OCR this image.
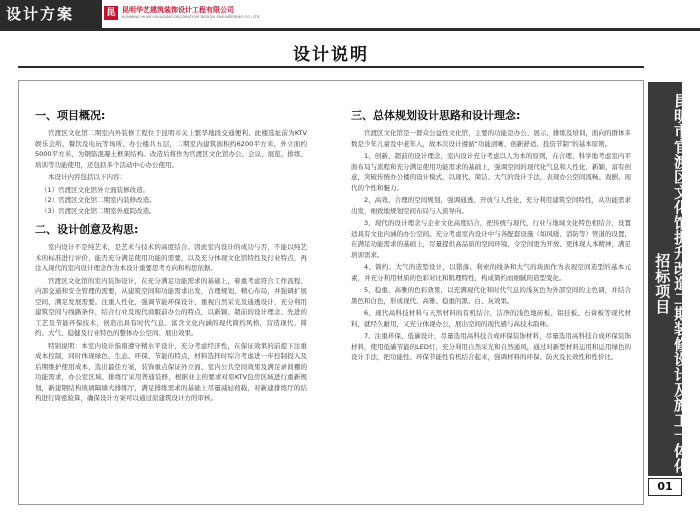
设计方案	昆 昆明华艺建筑装饰设计工程有限公司
KUNMING HUAYI BUILDING DECORATION DESIGN ENGINEERING CO.,LTD
设计说明
一、项目概况:

官渡区文化馆二期室内外装修工程位于昆明市关上繁华地段交通便利、此楼选址前为KTV娱乐会所、餐饮及电玩等场所、办公楼共五层，二期室内建筑面积约6200平方米，外立面约5000平方米，为钢筋混凝土框架结构。改造后将作为官渡区文化馆办公、会议、展览、排练、培训等功能使用，还包括多个活动中心办公使用。

本设计内容包括以下内容：

（1）官渡区文化馆外立面装修改造。
（2）官渡区文化馆二期室内装修改造。
（3）官渡区文化馆二期室外庭院改造。
二、设计创意及构思:

室内设计不是纯艺术，是艺术与技术的高度结合。因此室内设计的成功与否，不能以纯艺术的标准进行评价，能否充分满足使用功能的需要，以及充分体现文化馆特性及行业特点，再注入现代的室内设计理念作为本设计重要思考方向和构思依据。

官渡区文化馆的室内装饰设计，在充分满足功能需求的基础上，着重考虑符合工作流程、内部交通和安全管理的需要，从建筑空间和功能需求出发，合理规划、精心布局，并强调扩展空间、满足发展需要。注重人性化，强调节能环保设计，重视自然采光及通透设计，充分利用建筑空间与线路条件，结合行业及现代商服前办公的特点，以新颖、超前的设计理念、先进的工艺及节能环保技术，创造出具有时代气息、富含文化内涵的现代简约风格，营造现代、简约、大气、稳健及行业特色的整体办公空间、展出效果。

特别说明：本室内设计指南遵守精水平设计，充分考虑经济性，在保证效果的前提下注重成本控制，同时体现绿色、生态、环保、节能的特点，材料选择时综合考虑进一步控制投入及后期维护使用成本，选出最佳方案，装饰重点保证外立面、室内公共空间效果及满足录间棚的功能需求，办公室区域、排练厅采用普通装修，根据业主的要求对原KTV包房区域进行重新规划，新建钢结构玻璃隔墙大排练厅，满足排练需求的基础上尽量减轻荷载，对新建排练厅的结构进行周密验算，确保设计方案可以通过原建筑设计方的审核。

三、总体规划设计思路和设计理念:

官渡区文化馆是一群众公益性文化馆，主要的功能是办公、展示、排练及培训，面向的群体多数是少年儿童及中老年人，故本次设计遵循“功能清晰、创新舒适、投资节制”的基本原则。

1、创新、超前的设计理念，室内设计充分考虑以人为本的原则，在合理、科学地考虑室内平面布局与流程和充分满足使用功能需求的基础上，强调空间的现代化气息和人性化、新颖、富有创意，突破传统办公楼的设计模式，以现代、简洁、大气的设计手法，表现办公空间流畅、戏剧、现代的个性和魅力。

2、高效、合理的空间规划，强调通透、开放与人性化，充分利用建筑空间特性，从功能需求出发，细致地规划空间布局与人流导向。

3、现代的设计理念与企业文化高度结合，把传统与现代、行业与地域文化特色相结合，设置适具有文化内涵的办公空间。充分考虑室内设计中与各配套设施（如风暖、消防等）管道的设置，在满足功能需求的基础上，尽量提供高品质的空间环境，令空间更为开放、更体现人本精神，满足培训需求。

4、简约、大气的造型设计，以错落、利索的线条和大气的块面作为表现空间造型的基本元素，并充分利用材质的色彩对比和肌理特性，构成简约而细腻的造型变化。

5、稳重、高雅的色彩效果，以充满现代化和时代气息的浅灰色为外部空间的主色调，并结合黑色和白色，形成现代、高雅、稳重的黑、白、灰效果。

6、现代高科技材料与天然材料的有机结合，洁净的浅色地砖板、铝挂板、石膏板等现代材料，就经久耐用，又充分体现办公，展出空间的现代感与高技术韵味。

7、注重环保、低碳设计，尽量选用高科技合成环保装饰材料，尽量选用高科技合成环保装饰材料，使用低碳节能的LED灯，充分利用自然采光和自然通风，通过对新型材料运用和运用绿色的设计手法，把功能性、环保节能性有机结合起来，强调材料的环保、防火及长效性和性价比。	昆明市官渡区文化馆提升改造二期装修设计及施工一体化招标项目
01
